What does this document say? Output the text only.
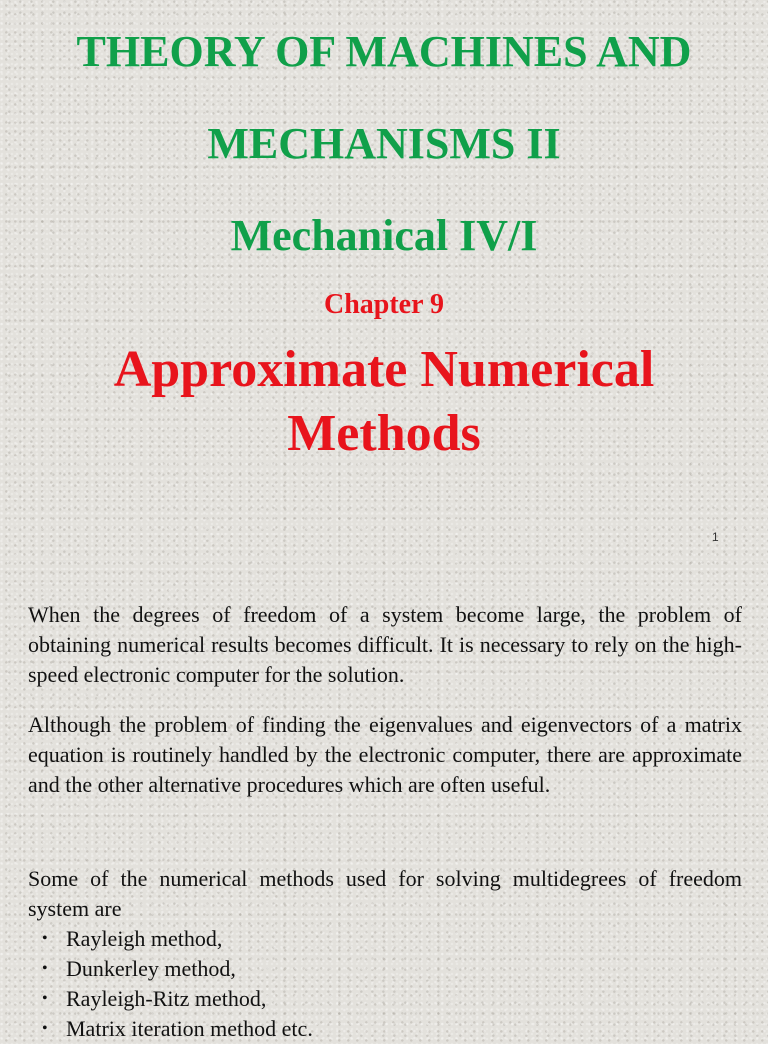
THEORY OF MACHINES AND
MECHANISMS II
Mechanical IV/I
Chapter 9
Approximate Numerical Methods
1

When the degrees of freedom of a system become large, the problem of obtaining numerical results becomes difficult. It is necessary to rely on the high-speed electronic computer for the solution.

Although the problem of finding the eigenvalues and eigenvectors of a matrix equation is routinely handled by the electronic computer, there are approximate and the other alternative procedures which are often useful.

Some of the numerical methods used for solving multidegrees of freedom system are

• Rayleigh method,
• Dunkerley method,
• Rayleigh-Ritz method,
• Matrix iteration method etc.
